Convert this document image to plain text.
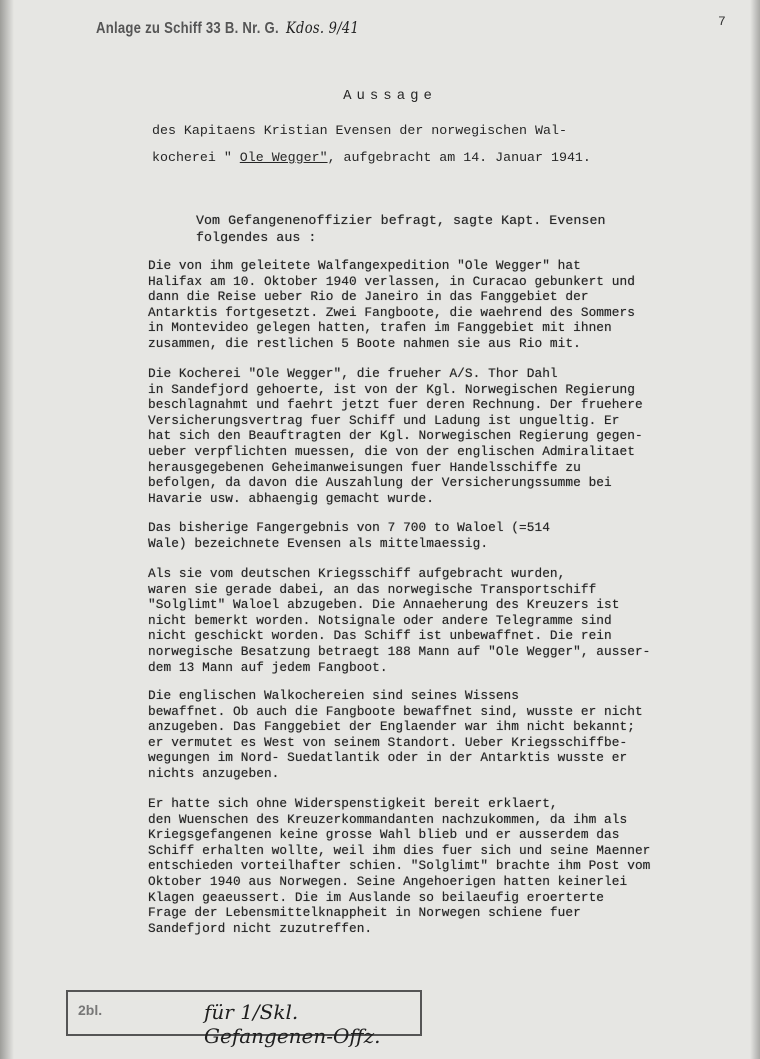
Anlage zu Schiff 33 B. Nr. G. Kdos. 9/41	7
Aussage
des Kapitaens Kristian Evensen der norwegischen Wal-
kocherei " Ole Wegger", aufgebracht am 14. Januar 1941.
Vom Gefangenenoffizier befragt, sagte Kapt. Evensen
folgendes aus :
Die von ihm geleitete Walfangexpedition "Ole Wegger" hat
Halifax am 10. Oktober 1940 verlassen, in Curacao gebunkert und
dann die Reise ueber Rio de Janeiro in das Fanggebiet der
Antarktis fortgesetzt. Zwei Fangboote, die waehrend des Sommers
in Montevideo gelegen hatten, trafen im Fanggebiet mit ihnen
zusammen, die restlichen 5 Boote nahmen sie aus Rio mit.
Die Kocherei "Ole Wegger", die frueher A/S. Thor Dahl
in Sandefjord gehoerte, ist von der Kgl. Norwegischen Regierung
beschlagnahmt und faehrt jetzt fuer deren Rechnung. Der fruehere
Versicherungsvertrag fuer Schiff und Ladung ist ungueltig. Er
hat sich den Beauftragten der Kgl. Norwegischen Regierung gegen-
ueber verpflichten muessen, die von der englischen Admiralitaet
herausgegebenen Geheimanweisungen fuer Handelsschiffe zu
befolgen, da davon die Auszahlung der Versicherungssumme bei
Havarie usw. abhaengig gemacht wurde.
Das bisherige Fangergebnis von 7 700 to Waloel (=514
Wale) bezeichnete Evensen als mittelmaessig.
Als sie vom deutschen Kriegsschiff aufgebracht wurden,
waren sie gerade dabei, an das norwegische Transportschiff
"Solglimt" Waloel abzugeben. Die Annaeherung des Kreuzers ist
nicht bemerkt worden. Notsignale oder andere Telegramme sind
nicht geschickt worden. Das Schiff ist unbewaffnet. Die rein
norwegische Besatzung betraegt 188 Mann auf "Ole Wegger", ausser-
dem 13 Mann auf jedem Fangboot.
Die englischen Walkochereien sind seines Wissens
bewaffnet. Ob auch die Fangboote bewaffnet sind, wusste er nicht
anzugeben. Das Fanggebiet der Englaender war ihm nicht bekannt;
er vermutet es West von seinem Standort. Ueber Kriegsschiffbe-
wegungen im Nord- Suedatlantik oder in der Antarktis wusste er
nichts anzugeben.
Er hatte sich ohne Widerspenstigkeit bereit erklaert,
den Wuenschen des Kreuzerkommandanten nachzukommen, da ihm als
Kriegsgefangenen keine grosse Wahl blieb und er ausserdem das
Schiff erhalten wollte, weil ihm dies fuer sich und seine Maenner
entschieden vorteilhafter schien. "Solglimt" brachte ihm Post vom
Oktober 1940 aus Norwegen. Seine Angehoerigen hatten keinerlei
Klagen geaeussert. Die im Auslande so beilaeufig eroerterte
Frage der Lebensmittelknappheit in Norwegen schiene fuer
Sandefjord nicht zuzutreffen.
2bl.	für 1/Skl. Gefangenen-Offz.
